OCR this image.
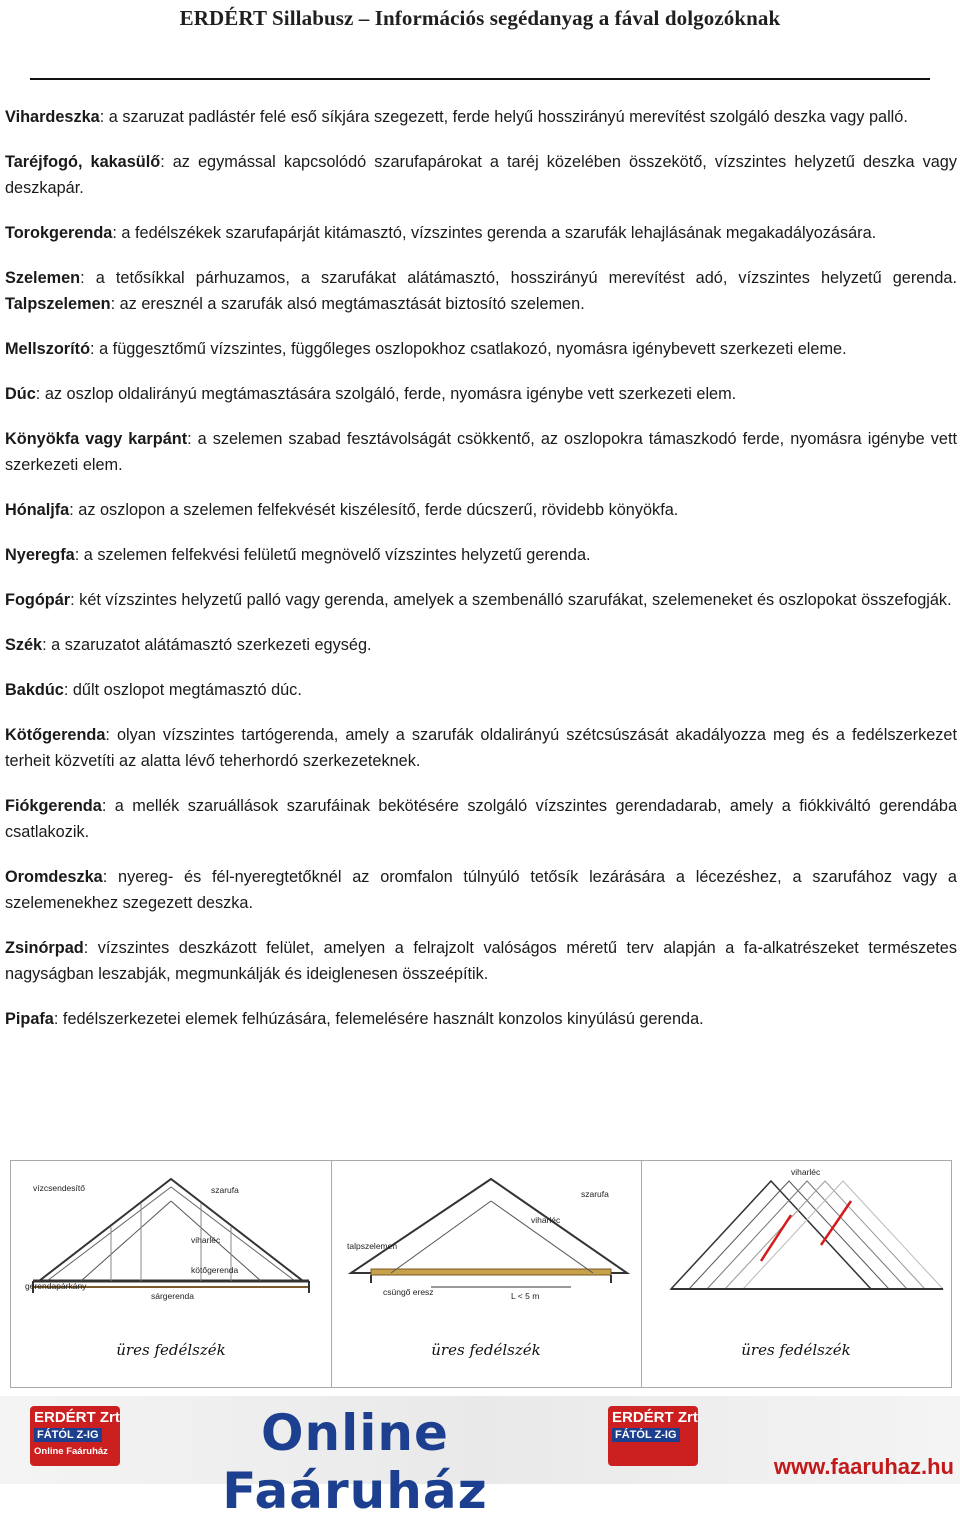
ERDÉRT Sillabusz – Információs segédanyag a fával dolgozóknak

Vihardeszka: a szaruzat padlástér felé eső síkjára szegezett, ferde helyű hosszirányú merevítést szolgáló deszka vagy palló.

Taréjfogó, kakasülő: az egymással kapcsolódó szarufapárokat a taréj közelében összekötő, vízszintes helyzetű deszka vagy deszkapár.

Torokgerenda: a fedélszékek szarufapárját kitámasztó, vízszintes gerenda a szarufák lehajlásának megakadályozására.

Szelemen: a tetősíkkal párhuzamos, a szarufákat alátámasztó, hosszirányú merevítést adó, vízszintes helyzetű gerenda. Talpszelemen: az eresznél a szarufák alsó megtámasztását biztosító szelemen.

Mellszorító: a függesztőmű vízszintes, függőleges oszlopokhoz csatlakozó, nyomásra igénybevett szerkezeti eleme.

Dúc: az oszlop oldalirányú megtámasztására szolgáló, ferde, nyomásra igénybe vett szerkezeti elem.

Könyökfa vagy karpánt: a szelemen szabad fesztávolságát csökkentő, az oszlopokra támaszkodó ferde, nyomásra igénybe vett szerkezeti elem.

Hónaljfa: az oszlopon a szelemen felfekvését kiszélesítő, ferde dúcszerű, rövidebb könyökfa.

Nyeregfa: a szelemen felfekvési felületű megnövelő vízszintes helyzetű gerenda.

Fogópár: két vízszintes helyzetű palló vagy gerenda, amelyek a szembenálló szarufákat, szelemeneket és oszlopokat összefogják.

Szék: a szaruzatot alátámasztó szerkezeti egység.

Bakdúc: dűlt oszlopot megtámasztó dúc.

Kötőgerenda: olyan vízszintes tartógerenda, amely a szarufák oldalirányú szétcsúszását akadályozza meg és a fedélszerkezet terheit közvetíti az alatta lévő teherhordó szerkezeteknek.

Fiókgerenda: a mellék szaruállások szarufáinak bekötésére szolgáló vízszintes gerendadarab, amely a fiókkiváltó gerendába csatlakozik.

Oromdeszka: nyereg- és fél-nyeregtetőknél az oromfalon túlnyúló tetősík lezárására a lécezéshez, a szarufához vagy a szelemenekhez szegezett deszka.

Zsinórpad: vízszintes deszkázott felület, amelyen a felrajzolt valóságos méretű terv alapján a fa-alkatrészeket természetes nagyságban leszabják, megmunkálják és ideiglenesen összeépítik.

Pipafa: fedélszerkezetei elemek felhúzására, felemelésére használt konzolos kinyúlású gerenda.

vízcsendesítő	szarufa
viharléc
gerendapárkány
kötőgerenda
sárgerenda
üres fedélszék
szarufa
viharléc
talpszelemen
csüngő eresz	L < 5 m
üres fedélszék
viharléc
üres fedélszék
ERDÉRT Zrt
FÁTÓL Z-IG
Online Faáruház	Online Faáruház
ERDÉRT Zrt
FÁTÓL Z-IG
www.faaruhaz.hu
